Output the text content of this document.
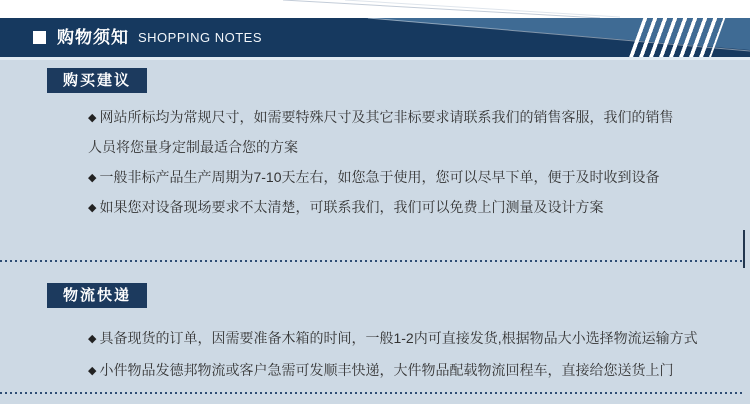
购物须知 SHOPPING NOTES
购买建议
◆ 网站所标均为常规尺寸，如需要特殊尺寸及其它非标要求请联系我们的销售客服，我们的销售
人员将您量身定制最适合您的方案
◆ 一般非标产品生产周期为7-10天左右，如您急于使用，您可以尽早下单，便于及时收到设备
◆ 如果您对设备现场要求不太清楚，可联系我们，我们可以免费上门测量及设计方案
物流快递
◆ 具备现货的订单，因需要准备木箱的时间，一般1-2内可直接发货,根据物品大小选择物流运输方式
◆ 小件物品发德邦物流或客户急需可发顺丰快递，大件物品配载物流回程车，直接给您送货上门
